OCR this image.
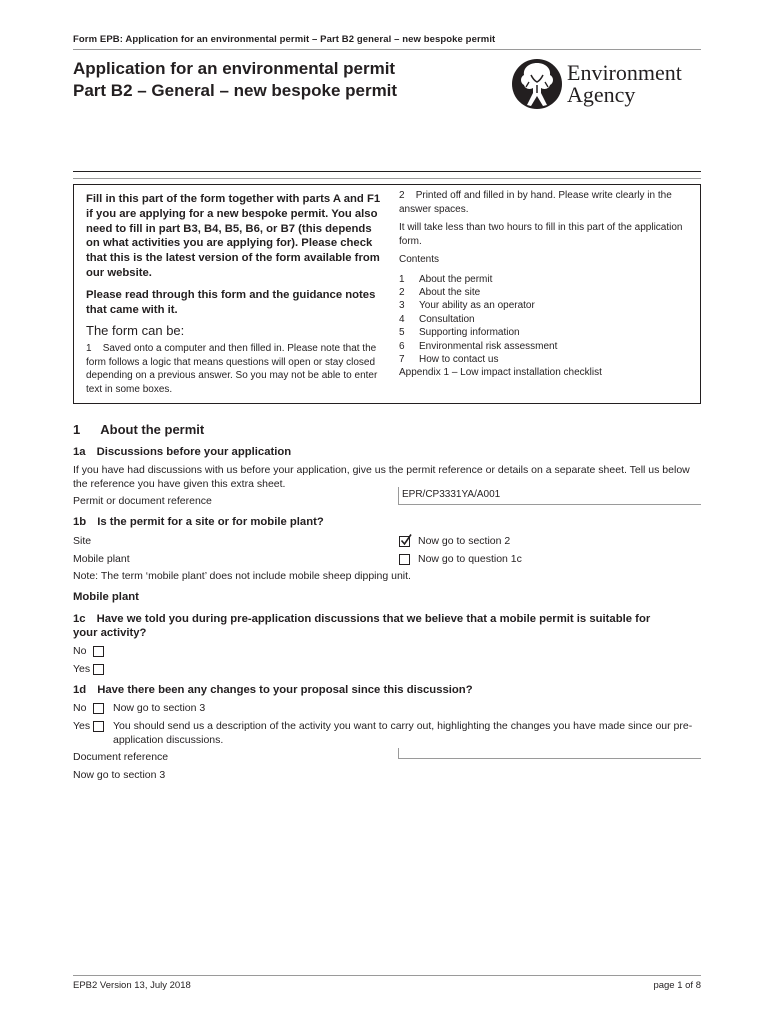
Form EPB: Application for an environmental permit – Part B2 general – new bespoke permit
Application for an environmental permit
Part B2 – General – new bespoke permit
Environment
Agency
Fill in this part of the form together with parts A and F1 if you are applying for a new bespoke permit. You also need to fill in part B3, B4, B5, B6, or B7 (this depends on what activities you are applying for). Please check that this is the latest version of the form available from our website.
Please read through this form and the guidance notes that came with it.
The form can be:
1 Saved onto a computer and then filled in. Please note that the form follows a logic that means questions will open or stay closed depending on a previous answer. So you may not be able to enter text in some boxes.
2 Printed off and filled in by hand. Please write clearly in the answer spaces.
It will take less than two hours to fill in this part of the application form.
Contents
1	About the permit
2	About the site
3	Your ability as an operator
4	Consultation
5	Supporting information
6	Environmental risk assessment
7	How to contact us
Appendix 1 – Low impact installation checklist
1 About the permit
1a Discussions before your application
If you have had discussions with us before your application, give us the permit reference or details on a separate sheet. Tell us below the reference you have given this extra sheet.
Permit or document reference
EPR/CP3331YA/A001
1b Is the permit for a site or for mobile plant?
Site	Now go to section 2
Mobile plant	Now go to question 1c
Note: The term ‘mobile plant’ does not include mobile sheep dipping unit.
Mobile plant
1c Have we told you during pre-application discussions that we believe that a mobile permit is suitable for
your activity?
No
Yes
1d Have there been any changes to your proposal since this discussion?
No	Now go to section 3
Yes You should send us a description of the activity you want to carry out, highlighting the changes you have made since our pre-application discussions.
Document reference
Now go to section 3
EPB2 Version 13, July 2018	page 1 of 8
